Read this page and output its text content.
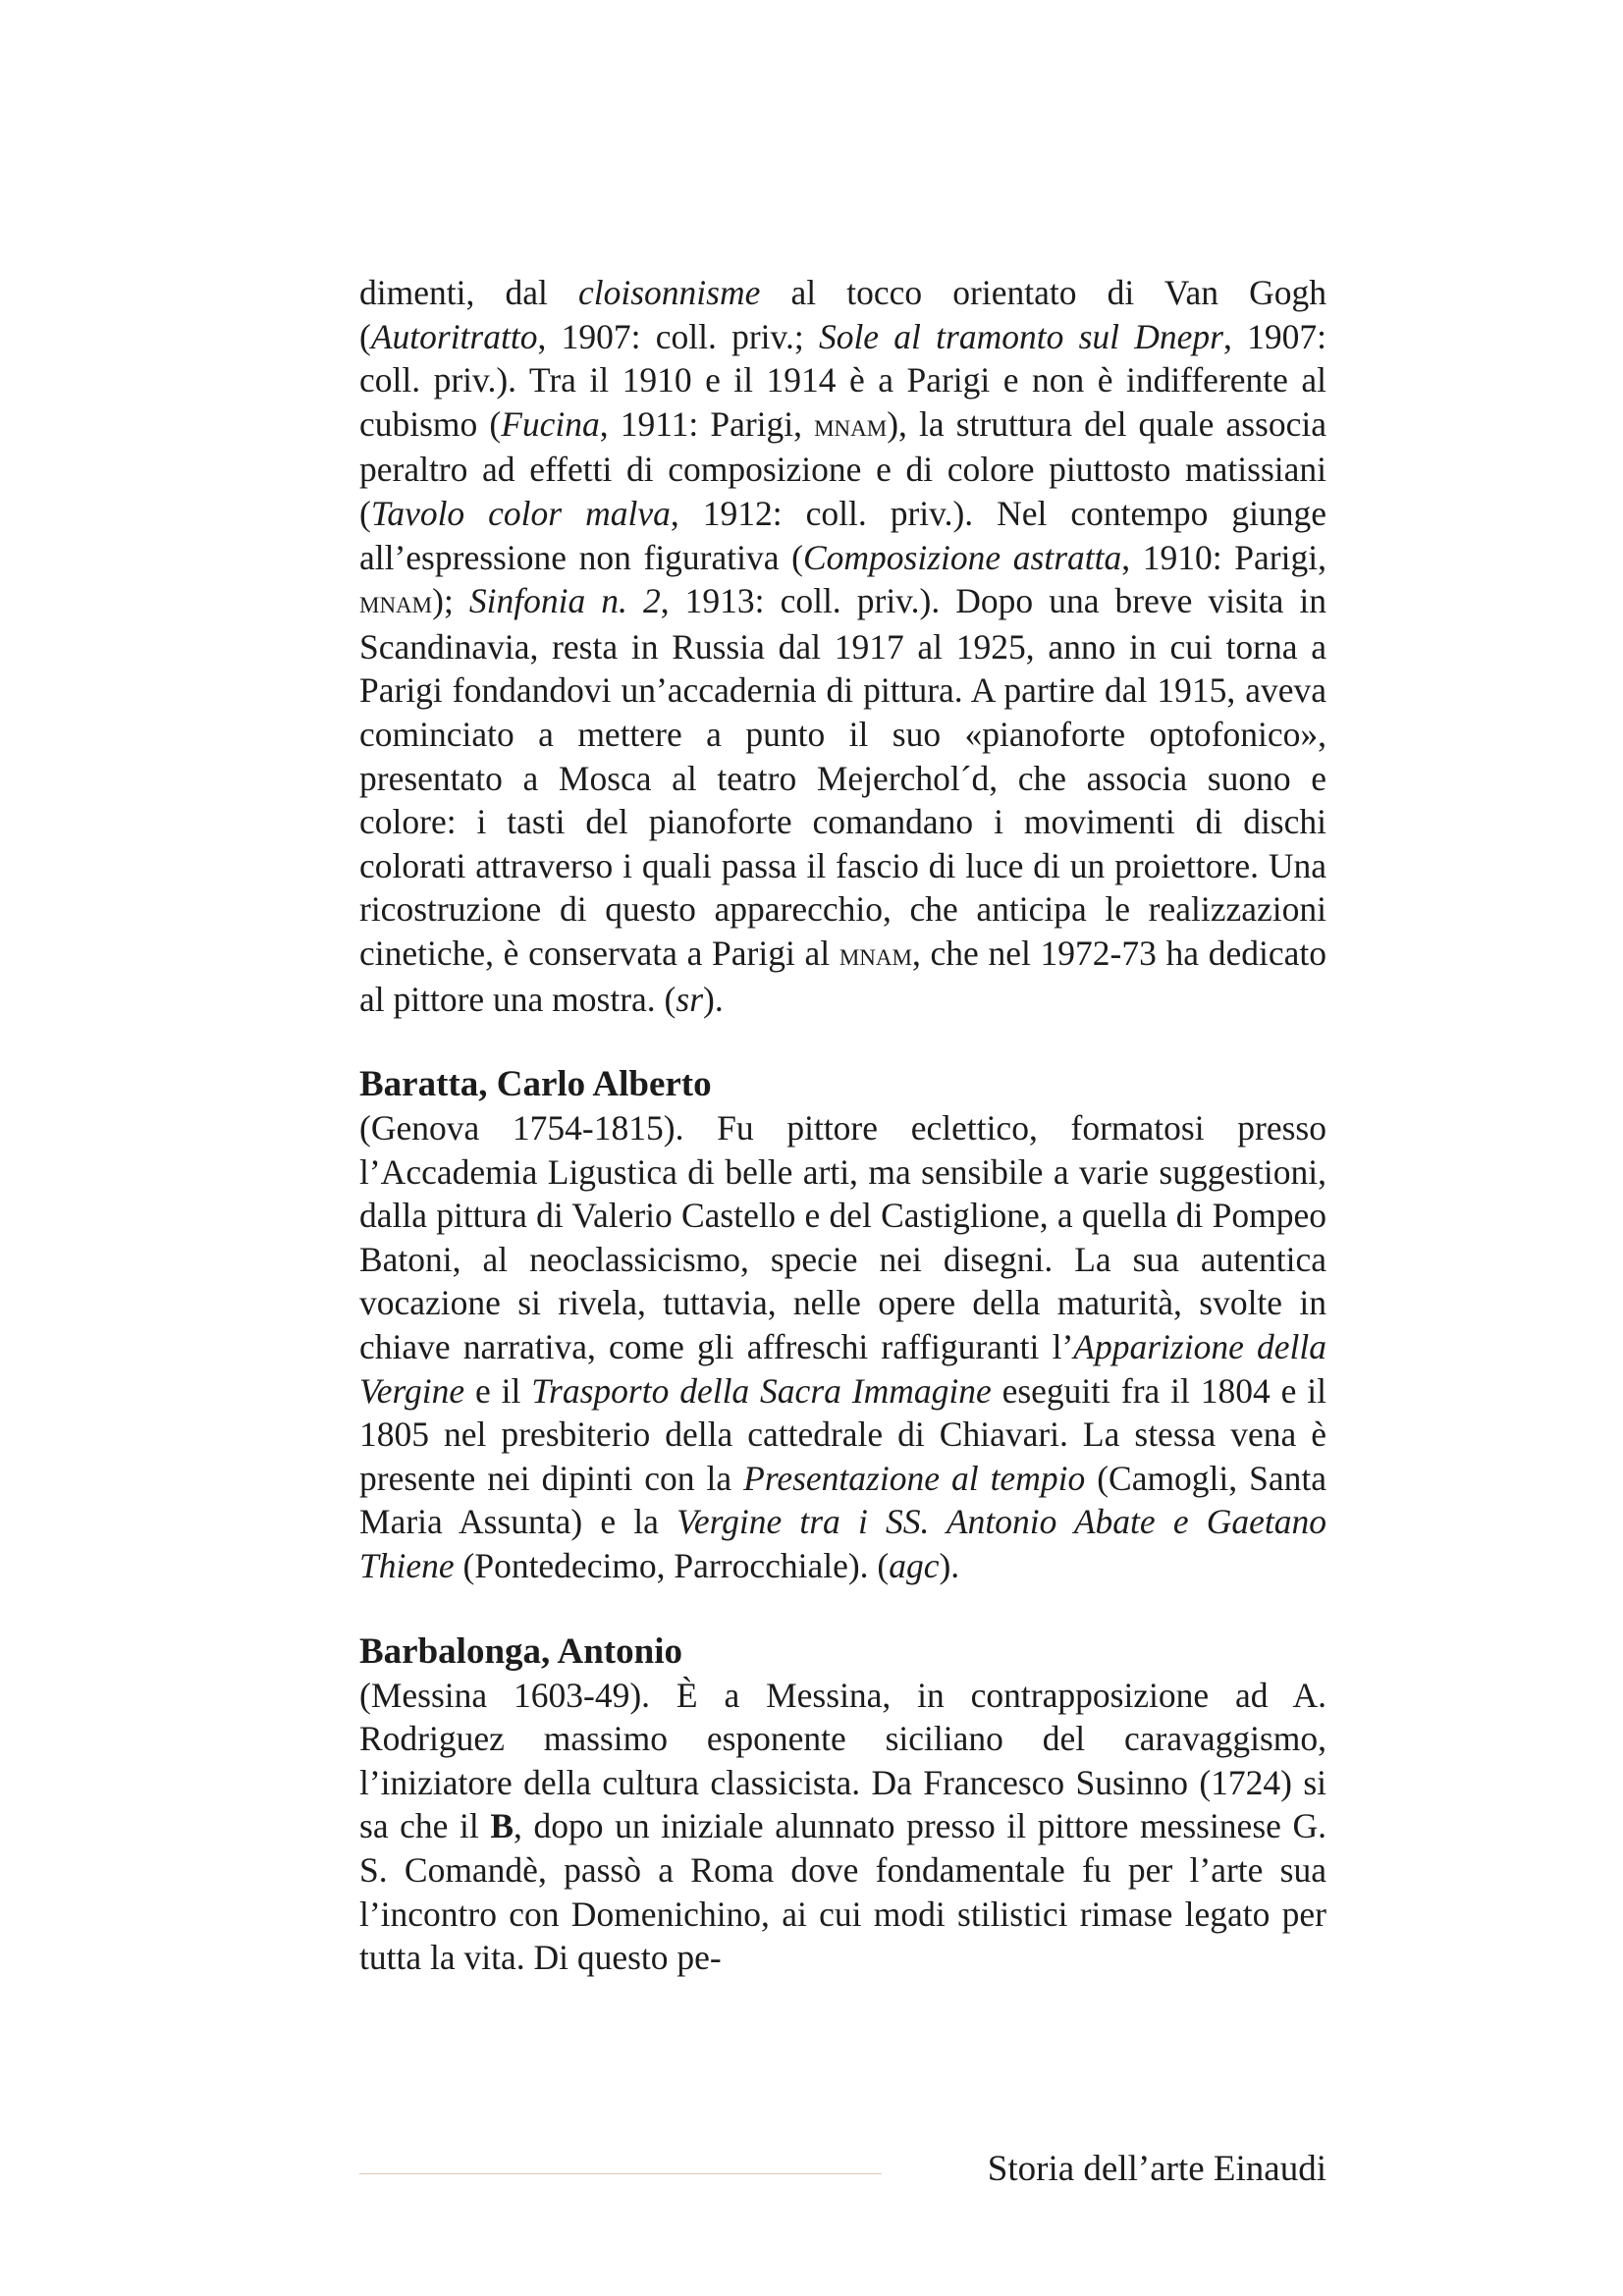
dimenti, dal cloisonnisme al tocco orientato di Van Gogh (Autoritratto, 1907: coll. priv.; Sole al tramonto sul Dnepr, 1907: coll. priv.). Tra il 1910 e il 1914 è a Parigi e non è indifferente al cubismo (Fucina, 1911: Parigi, mnam), la struttura del quale associa peraltro ad effetti di composizione e di colore piuttosto matissiani (Tavolo color malva, 1912: coll. priv.). Nel contempo giunge all’espressione non figurativa (Composizione astratta, 1910: Parigi, mnam); Sinfonia n. 2, 1913: coll. priv.). Dopo una breve visita in Scandinavia, resta in Russia dal 1917 al 1925, anno in cui torna a Parigi fondandovi un’accadernia di pittura. A partire dal 1915, aveva cominciato a mettere a punto il suo «pianoforte optofonico», presentato a Mosca al teatro Mejerchol´d, che associa suono e colore: i tasti del pianoforte comandano i movimenti di dischi colorati attraverso i quali passa il fascio di luce di un proiettore. Una ricostruzione di questo apparecchio, che anticipa le realizzazioni cinetiche, è conservata a Parigi al mnam, che nel 1972-73 ha dedicato al pittore una mostra. (sr).

Baratta, Carlo Alberto

(Genova 1754-1815). Fu pittore eclettico, formatosi presso l’Accademia Ligustica di belle arti, ma sensibile a varie suggestioni, dalla pittura di Valerio Castello e del Castiglione, a quella di Pompeo Batoni, al neoclassicismo, specie nei disegni. La sua autentica vocazione si rivela, tuttavia, nelle opere della maturità, svolte in chiave narrativa, come gli affreschi raffiguranti l’Apparizione della Vergine e il Trasporto della Sacra Immagine eseguiti fra il 1804 e il 1805 nel presbiterio della cattedrale di Chiavari. La stessa vena è presente nei dipinti con la Presentazione al tempio (Camogli, Santa Maria Assunta) e la Vergine tra i SS. Antonio Abate e Gaetano Thiene (Pontedecimo, Parrocchiale). (agc).

Barbalonga, Antonio

(Messina 1603-49). È a Messina, in contrapposizione ad A. Rodriguez massimo esponente siciliano del caravaggismo, l’iniziatore della cultura classicista. Da Francesco Susinno (1724) si sa che il B, dopo un iniziale alunnato presso il pittore messinese G. S. Comandè, passò a Roma dove fondamentale fu per l’arte sua l’incontro con Domenichino, ai cui modi stilistici rimase legato per tutta la vita. Di questo pe-

Storia dell’arte Einaudi
